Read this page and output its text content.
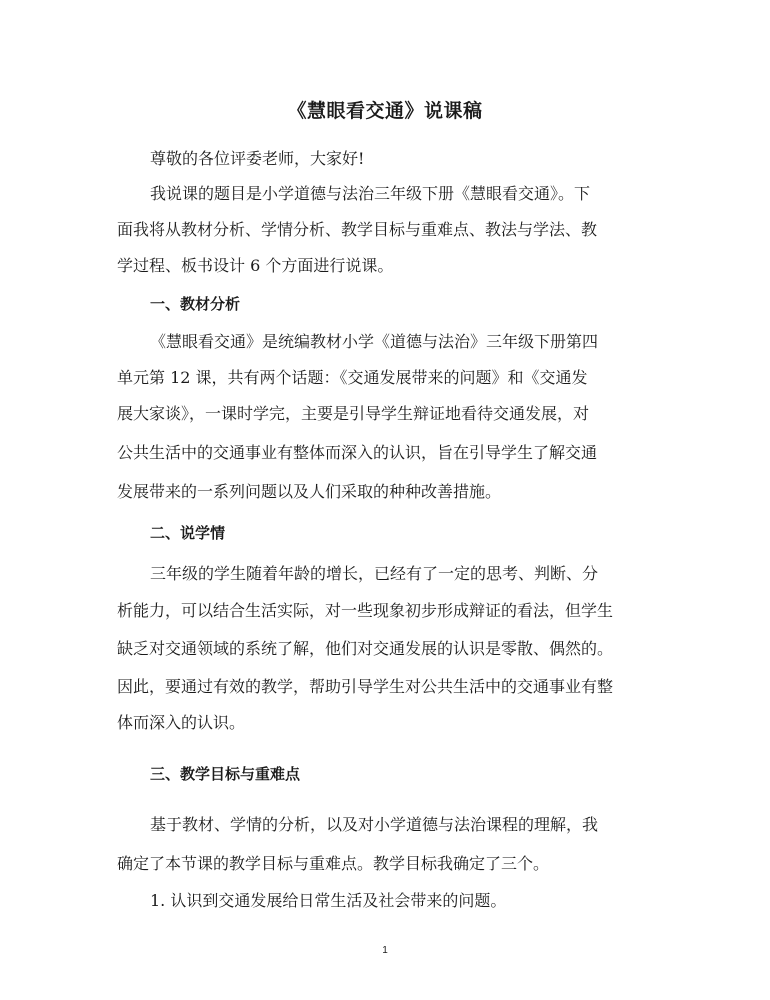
《慧眼看交通》说课稿
尊敬的各位评委老师，大家好!
我说课的题目是小学道德与法治三年级下册《慧眼看交通》。下
面我将从教材分析、学情分析、教学目标与重难点、教法与学法、教
学过程、板书设计 6 个方面进行说课。
一、教材分析
《慧眼看交通》是统编教材小学《道德与法治》三年级下册第四
单元第 12 课，共有两个话题：《交通发展带来的问题》和《交通发
展大家谈》，一课时学完，主要是引导学生辩证地看待交通发展，对
公共生活中的交通事业有整体而深入的认识，旨在引导学生了解交通
发展带来的一系列问题以及人们采取的种种改善措施。
二、说学情
三年级的学生随着年龄的增长，已经有了一定的思考、判断、分
析能力，可以结合生活实际，对一些现象初步形成辩证的看法，但学生
缺乏对交通领域的系统了解，他们对交通发展的认识是零散、偶然的。
因此，要通过有效的教学，帮助引导学生对公共生活中的交通事业有整
体而深入的认识。
三、教学目标与重难点
基于教材、学情的分析，以及对小学道德与法治课程的理解，我
确定了本节课的教学目标与重难点。教学目标我确定了三个。
1. 认识到交通发展给日常生活及社会带来的问题。
1
